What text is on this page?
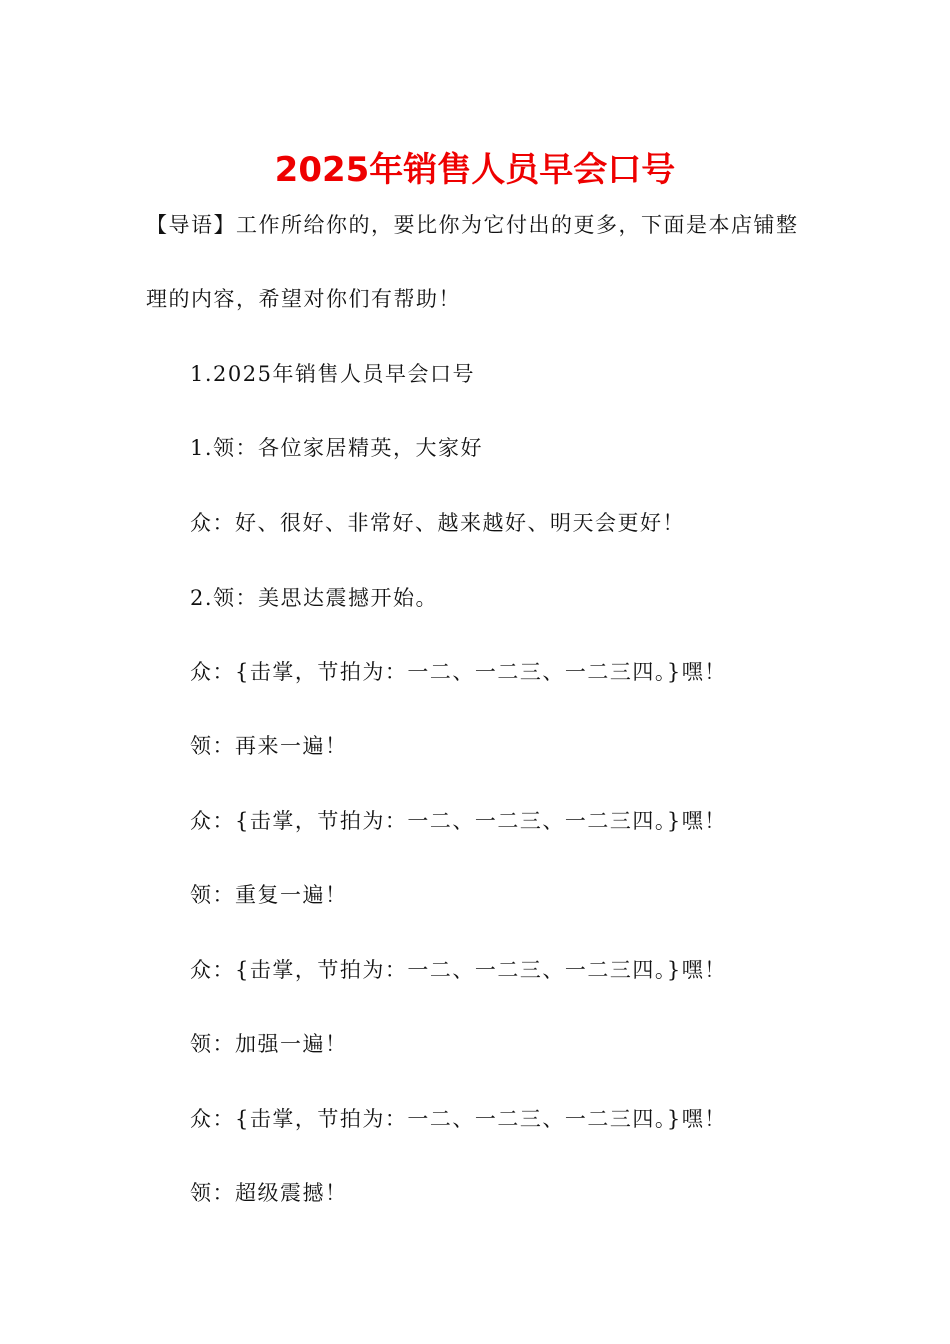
2025年销售人员早会口号
【导语】工作所给你的，要比你为它付出的更多，下面是本店铺整
理的内容，希望对你们有帮助！
1.2025年销售人员早会口号
1.领：各位家居精英，大家好
众：好、很好、非常好、越来越好、明天会更好！
2.领：美思达震撼开始。
众：{击掌，节拍为：一二、一二三、一二三四。}嘿！
领：再来一遍！
众：{击掌，节拍为：一二、一二三、一二三四。}嘿！
领：重复一遍！
众：{击掌，节拍为：一二、一二三、一二三四。}嘿！
领：加强一遍！
众：{击掌，节拍为：一二、一二三、一二三四。}嘿！
领：超级震撼！
